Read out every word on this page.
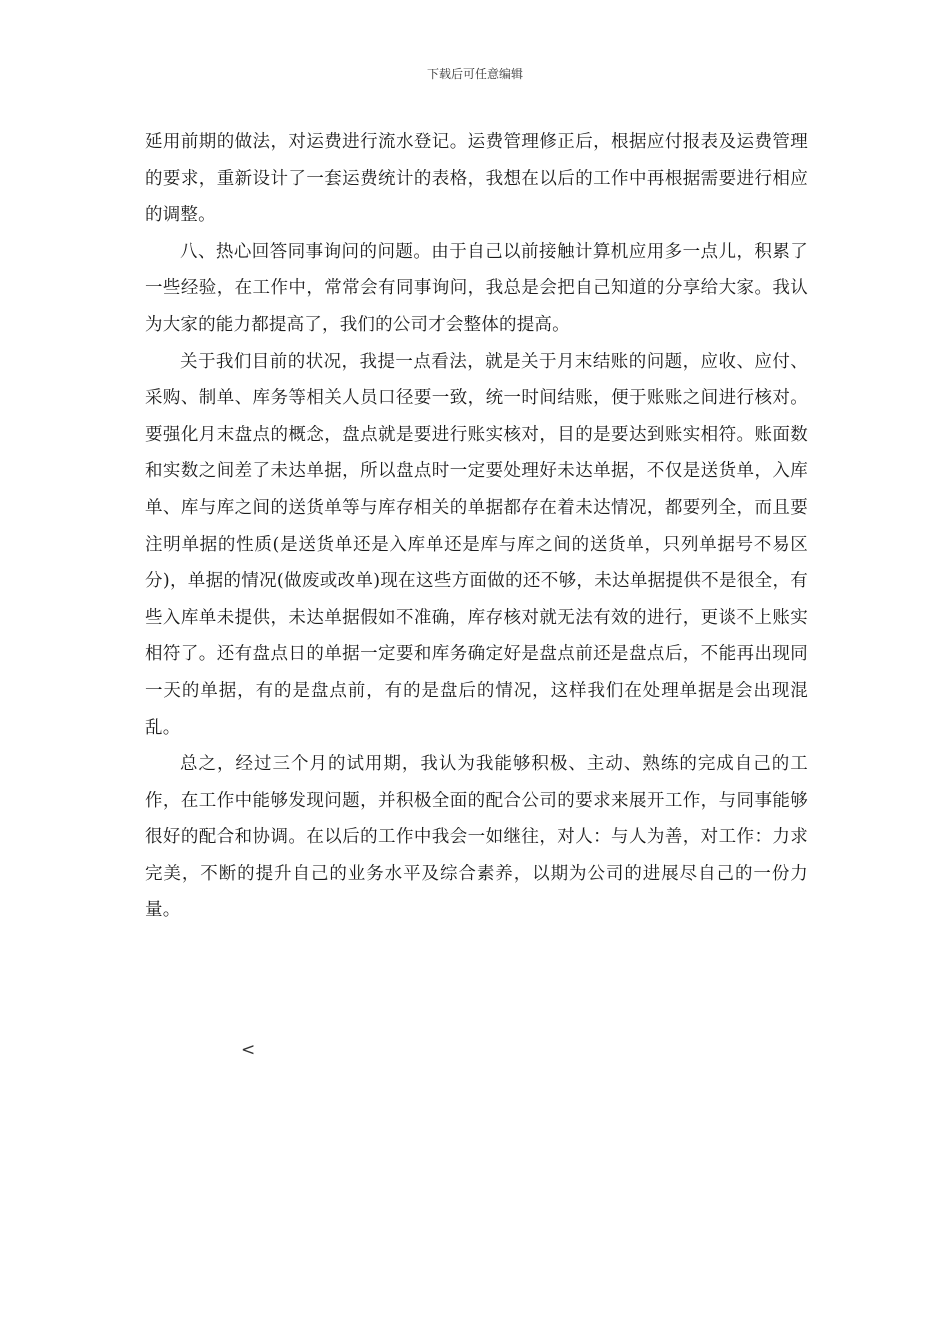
下载后可任意编辑

延用前期的做法，对运费进行流水登记。运费管理修正后，根据应付报表及运费管理的要求，重新设计了一套运费统计的表格，我想在以后的工作中再根据需要进行相应的调整。

八、热心回答同事询问的问题。由于自己以前接触计算机应用多一点儿，积累了一些经验，在工作中，常常会有同事询问，我总是会把自己知道的分享给大家。我认为大家的能力都提高了，我们的公司才会整体的提高。

关于我们目前的状况，我提一点看法，就是关于月末结账的问题，应收、应付、采购、制单、库务等相关人员口径要一致，统一时间结账，便于账账之间进行核对。要强化月末盘点的概念，盘点就是要进行账实核对，目的是要达到账实相符。账面数和实数之间差了未达单据，所以盘点时一定要处理好未达单据，不仅是送货单，入库单、库与库之间的送货单等与库存相关的单据都存在着未达情况，都要列全，而且要注明单据的性质(是送货单还是入库单还是库与库之间的送货单，只列单据号不易区分)，单据的情况(做废或改单)现在这些方面做的还不够，未达单据提供不是很全，有些入库单未提供，未达单据假如不准确，库存核对就无法有效的进行，更谈不上账实相符了。还有盘点日的单据一定要和库务确定好是盘点前还是盘点后，不能再出现同一天的单据，有的是盘点前，有的是盘后的情况，这样我们在处理单据是会出现混乱。

总之，经过三个月的试用期，我认为我能够积极、主动、熟练的完成自己的工作，在工作中能够发现问题，并积极全面的配合公司的要求来展开工作，与同事能够很好的配合和协调。在以后的工作中我会一如继往，对人：与人为善，对工作：力求完美，不断的提升自己的业务水平及综合素养，以期为公司的进展尽自己的一份力量。

<
